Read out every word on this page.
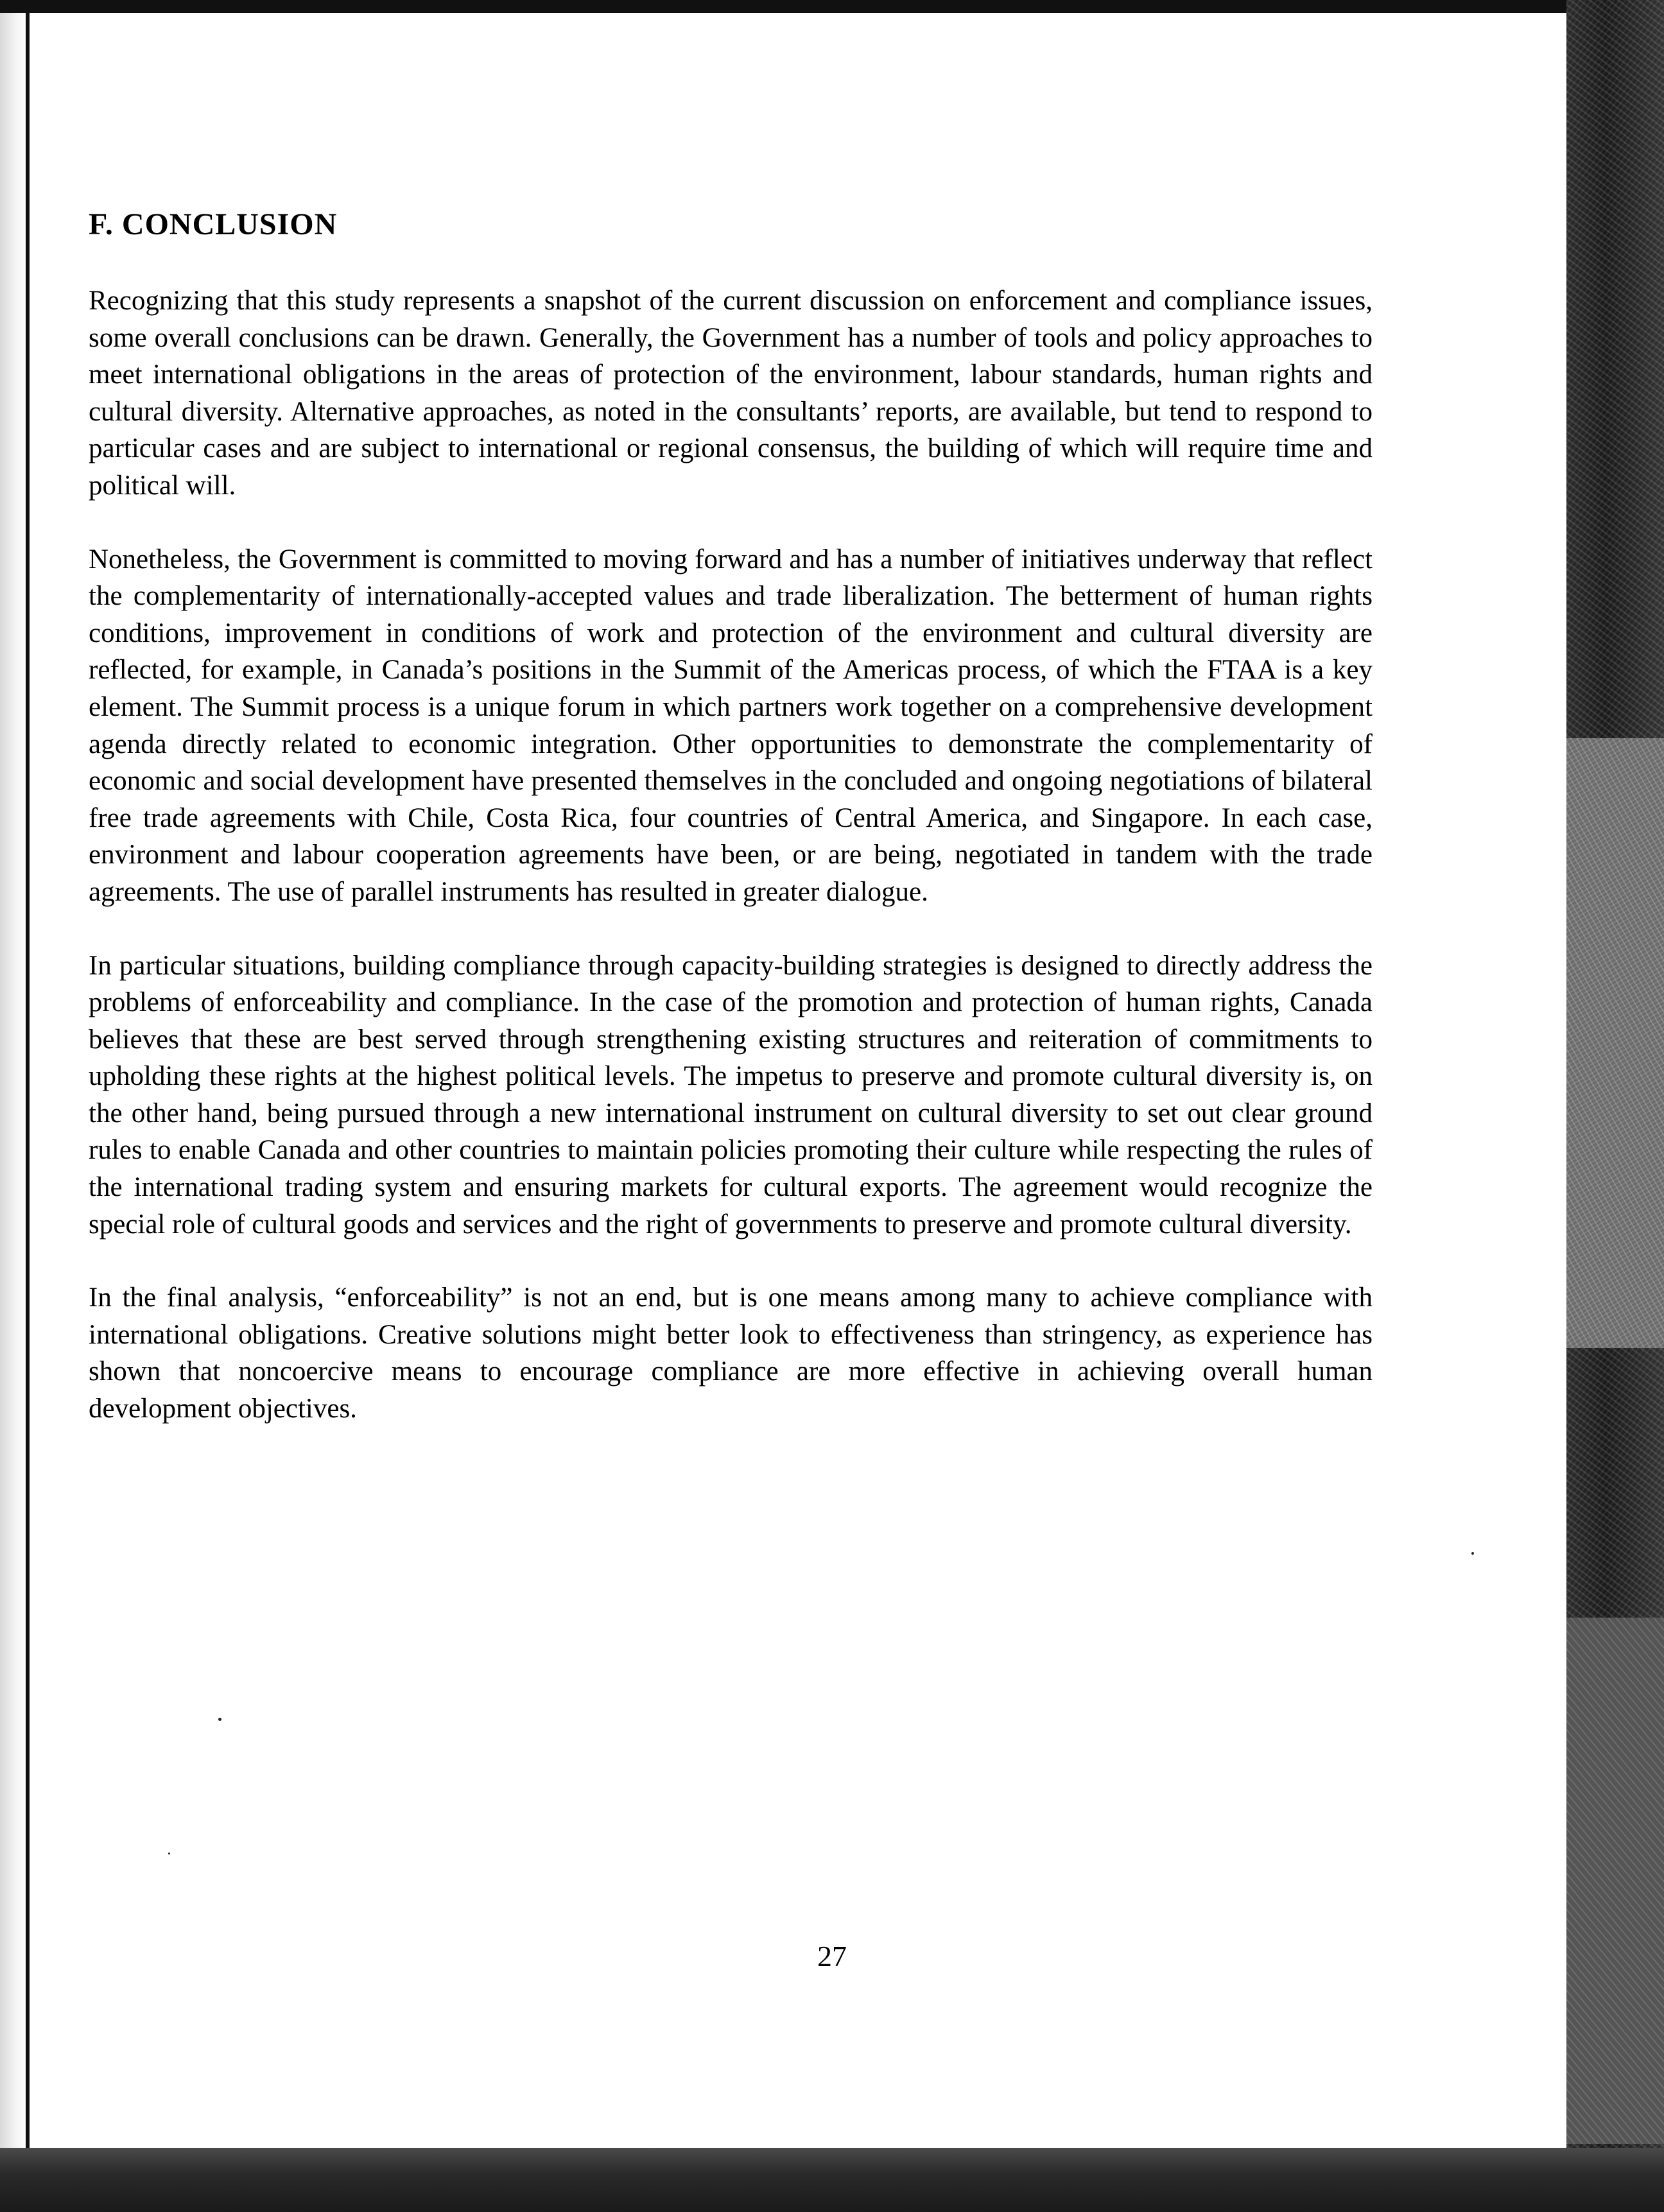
F. CONCLUSION

Recognizing that this study represents a snapshot of the current discussion on enforcement and compliance issues, some overall conclusions can be drawn. Generally, the Government has a number of tools and policy approaches to meet international obligations in the areas of protection of the environment, labour standards, human rights and cultural diversity. Alternative approaches, as noted in the consultants’ reports, are available, but tend to respond to particular cases and are subject to international or regional consensus, the building of which will require time and political will.

Nonetheless, the Government is committed to moving forward and has a number of initiatives underway that reflect the complementarity of internationally-accepted values and trade liberalization. The betterment of human rights conditions, improvement in conditions of work and protection of the environment and cultural diversity are reflected, for example, in Canada’s positions in the Summit of the Americas process, of which the FTAA is a key element. The Summit process is a unique forum in which partners work together on a comprehensive development agenda directly related to economic integration. Other opportunities to demonstrate the complementarity of economic and social development have presented themselves in the concluded and ongoing negotiations of bilateral free trade agreements with Chile, Costa Rica, four countries of Central America, and Singapore. In each case, environment and labour cooperation agreements have been, or are being, negotiated in tandem with the trade agreements. The use of parallel instruments has resulted in greater dialogue.

In particular situations, building compliance through capacity-building strategies is designed to directly address the problems of enforceability and compliance. In the case of the promotion and protection of human rights, Canada believes that these are best served through strengthening existing structures and reiteration of commitments to upholding these rights at the highest political levels. The impetus to preserve and promote cultural diversity is, on the other hand, being pursued through a new international instrument on cultural diversity to set out clear ground rules to enable Canada and other countries to maintain policies promoting their culture while respecting the rules of the international trading system and ensuring markets for cultural exports. The agreement would recognize the special role of cultural goods and services and the right of governments to preserve and promote cultural diversity.

In the final analysis, “enforceability” is not an end, but is one means among many to achieve compliance with international obligations. Creative solutions might better look to effectiveness than stringency, as experience has shown that noncoercive means to encourage compliance are more effective in achieving overall human development objectives.

27
